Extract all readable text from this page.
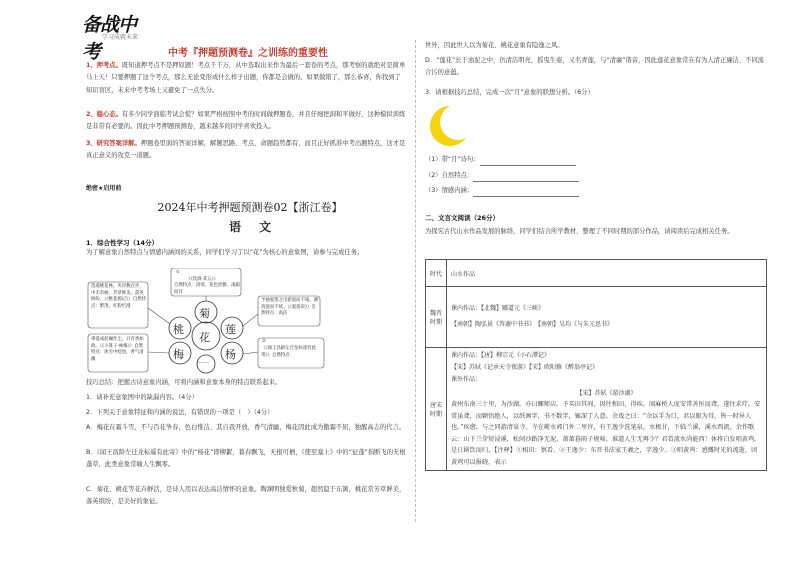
备战中考
学习成就未来
中考『押题预测卷』之训练的重要性
1、押考点。既知道押考点不是押原题！考点千千万，从中选取出来作为最后一套卷的考点，那考察的就绝对是简单马上天！只要押题了这个考点，那么无论变形成什么样子出题，你都是会做的。如果做错了，那么恭喜，你找到了知识盲区，未来中考考场上又避免了一点失分。
2、稳心态。有多少同学面临考试会慌？如果严格按照中考的时间做押题卷，并且仔细把洞和平做好，这种模拟训练是非常有必要的。因此中考押题预测卷，越来越多的同学喜欢投入。
3、研究答案详解。押题卷里面的答案详解，解题思路、考点、命题趋势都有，而且正好抓准中考出题特点，这才是真正意义的攻克一道题。
绝密★启用前
2024年中考押题预测卷02【浙江卷】
语文
1．综合性学习（14分）
为了解意象自然特点与情感内涵间的关系，同学们学习了以“花”为核心的意象图，请参与完成任务。
菊
花
桃	莲
梅	杨
……
怨道桃花林，夹岸数百步，中无杂树，芳草鲜美，落英缤纷。（《桃花源记》）自然特点：繁茂、红粉烂漫
①
（《饮酒·其五》）
自然特点：清寒、花色淡雅、凌霜而开
予独爱莲之出淤泥而不染，濯清涟而不妖。（《爱莲说》）自然特点：高洁
零落成泥碾作尘，只有香如故。（《卜算子·咏梅》）自然特点：冰雪中绽放，香气清幽
②
（《闻王昌龄左迁龙标遥有此寄》）自然特点：
技巧总结：把握古诗意象内涵，可将内涵和意象本身的特点联系起来。
1．请补充意象图中的缺漏内容。（4分）
2．下列关于意象特征和内涵的说法，有错误的一项是（　）（4分）
A．梅花在霜斗雪，不与百花争春，色白惟洁，其自我开放，香气清幽，梅花因此成为傲霜不屈，独醒高志的代言。
B．《闻王昌龄左迁龙标遥有此寄》中的“杨花”即柳絮，暮春飘飞，无根可栖，《使至塞上》中的“征蓬”指断飞的无根蓬草，此类意象常喻人生飘零。
C．菊花、桃花等花卉鲜活，是诗人用以表达高洁情怀的意象。陶渊明独爱秋菊，超然隐于东篱，桃花常芳草鲜美，落英缤纷，是美好的象征。
世外，因此世人以为菊花、桃花意象有隐逸之风。
D．“莲花”长于浊泥之中，仍清洁明亮，摇曳生姿，又名青莲，与“清廉”谐音，因此莲花意象常在有为人清正廉洁、不同流合污的意蕴。
3．请根据技巧总结，完成一次“月”意象的联想分析。（6分）
（1）带“月”诗句：
（2）自然特点：
（3）情感内涵：
二、文言文阅读（26分）
为探究古代山水作品发展的脉络，同学们结合所学教材，整理了不同时期的部分作品，请阅读后完成相关任务。
时代	山水作品
魏晋时期	课内作品：【北魏】郦道元《三峡》
【南朝】陶弘景《答谢中书书》　【南朝】吴均《与朱元思书》

唐宋时期	课内作品：【唐】柳宗元《小石潭记》
【宋】苏轼《记承天寺夜游》【宋】欧阳修《醉翁亭记》
课外作品：
【宋】苏轼《游沙湖》
黄州东南三十里，为沙湖，亦曰螺师店。予买田其间，因往相田，得疾。闻麻桥人庞安常善医而聋，遂往求疗。安常虽聋，而颖悟绝人，以纸画字，书不数字，辄深了人意。余戏之曰：“余以手为口，君以眼为耳，皆一时异人也。”疾愈，与之同游清泉寺。寺在蕲水郭门外二里许，有王逸少洗笔泉，水极甘，下临兰溪，溪水西流。余作歌云：山下兰芽短浸溪，松间沙路净无泥，萧萧暮雨子规啼。谁道人生无再少？君看流水尚能西！休将白发唱黄鸡。是日剧饮而归。【注释】①相田：察看。②王逸少：东晋书法家王羲之，字逸少。③唱黄鸡：感慨时光的流逝，因黄鸡可以报晓，表示
